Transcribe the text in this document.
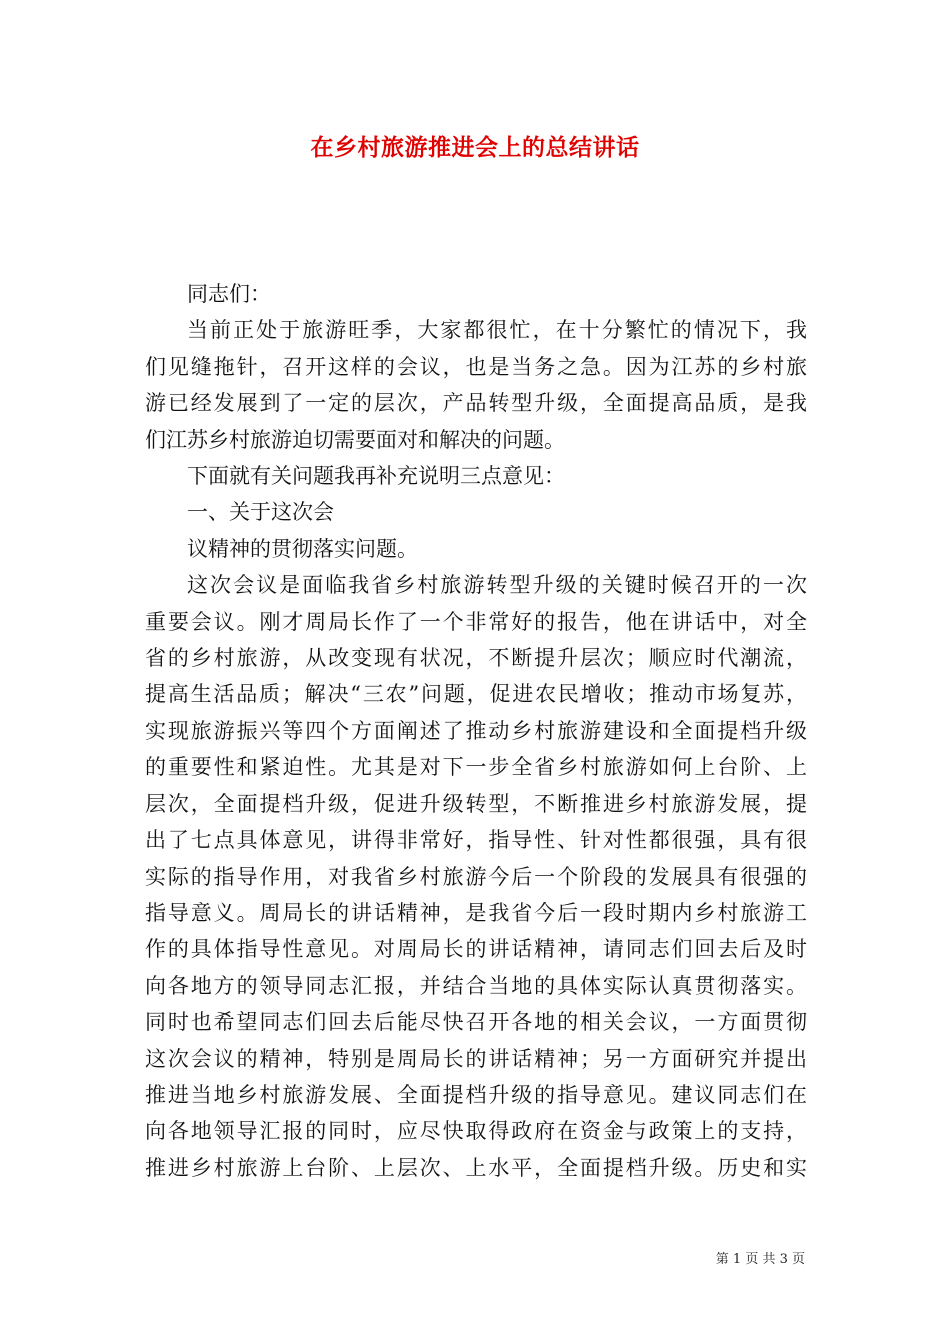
在乡村旅游推进会上的总结讲话
同志们：
当前正处于旅游旺季，大家都很忙，在十分繁忙的情况下，我
们见缝拖针，召开这样的会议，也是当务之急。因为江苏的乡村旅
游已经发展到了一定的层次，产品转型升级，全面提高品质，是我
们江苏乡村旅游迫切需要面对和解决的问题。
下面就有关问题我再补充说明三点意见：
一、关于这次会
议精神的贯彻落实问题。
这次会议是面临我省乡村旅游转型升级的关键时候召开的一次
重要会议。刚才周局长作了一个非常好的报告，他在讲话中，对全
省的乡村旅游，从改变现有状况，不断提升层次；顺应时代潮流，
提高生活品质；解决“三农”问题，促进农民增收；推动市场复苏，
实现旅游振兴等四个方面阐述了推动乡村旅游建设和全面提档升级
的重要性和紧迫性。尤其是对下一步全省乡村旅游如何上台阶、上
层次，全面提档升级，促进升级转型，不断推进乡村旅游发展，提
出了七点具体意见，讲得非常好，指导性、针对性都很强，具有很
实际的指导作用，对我省乡村旅游今后一个阶段的发展具有很强的
指导意义。周局长的讲话精神，是我省今后一段时期内乡村旅游工
作的具体指导性意见。对周局长的讲话精神，请同志们回去后及时
向各地方的领导同志汇报，并结合当地的具体实际认真贯彻落实。
同时也希望同志们回去后能尽快召开各地的相关会议，一方面贯彻
这次会议的精神，特别是周局长的讲话精神；另一方面研究并提出
推进当地乡村旅游发展、全面提档升级的指导意见。建议同志们在
向各地领导汇报的同时，应尽快取得政府在资金与政策上的支持，
推进乡村旅游上台阶、上层次、上水平，全面提档升级。历史和实
第 1 页 共 3 页
